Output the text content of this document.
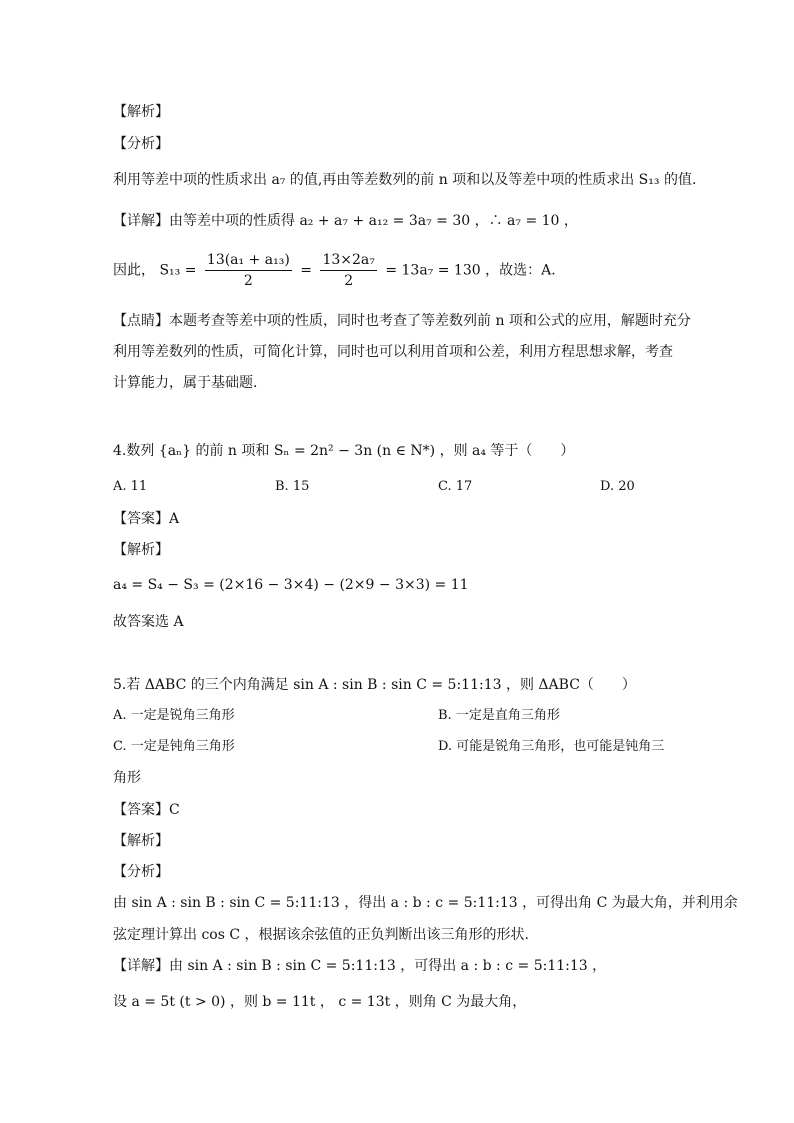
【解析】
【分析】
利用等差中项的性质求出 a₇ 的值,再由等差数列的前 n 项和以及等差中项的性质求出 S₁₃ 的值.
【详解】由等差中项的性质得 a₂ + a₇ + a₁₂ = 3a₇ = 30 ，∴ a₇ = 10 ，
因此， $S_{13} = \frac{\text{13(a₁ + a₁₃)}}{2} = \frac{\text{13×2a₇}}{2} = 13a_7 = 130$ ，故选：A.
【点睛】本题考查等差中项的性质，同时也考查了等差数列前 n 项和公式的应用，解题时充分
利用等差数列的性质，可简化计算，同时也可以利用首项和公差，利用方程思想求解，考查
计算能力，属于基础题.
4.数列 {aₙ} 的前 n 项和 Sₙ = 2n² − 3n (n ∈ N*) ，则 a₄ 等于（　　）
A. 11	B. 15	C. 17	D. 20
【答案】A
【解析】
a₄ = S₄ − S₃ = (2×16 − 3×4) − (2×9 − 3×3) = 11
故答案选 A
5.若 ΔABC 的三个内角满足 sin A : sin B : sin C = 5:11:13 ，则 ΔABC（　　）
A. 一定是锐角三角形	B. 一定是直角三角形
C. 一定是钝角三角形	D. 可能是锐角三角形，也可能是钝角三
角形
【答案】C
【解析】
【分析】
由 sin A : sin B : sin C = 5:11:13 ，得出 a : b : c = 5:11:13 ，可得出角 C 为最大角，并利用余
弦定理计算出 cos C ，根据该余弦值的正负判断出该三角形的形状.
【详解】由 sin A : sin B : sin C = 5:11:13 ，可得出 a : b : c = 5:11:13 ，
设 a = 5t (t > 0) ，则 b = 11t ， c = 13t ，则角 C 为最大角，
